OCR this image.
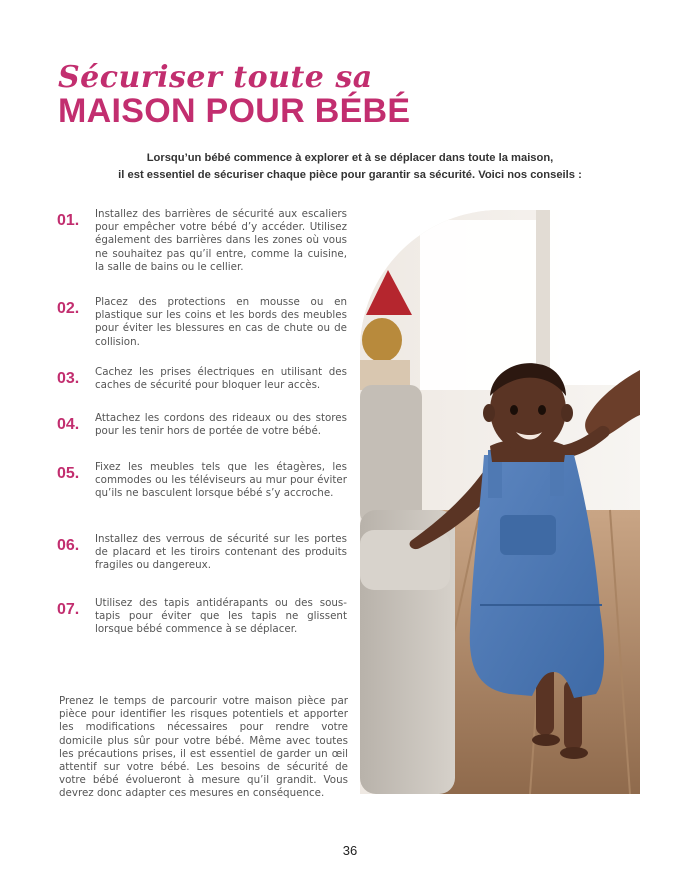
Sécuriser toute sa
MAISON POUR BÉBÉ
Lorsqu’un bébé commence à explorer et à se déplacer dans toute la maison,
il est essentiel de sécuriser chaque pièce pour garantir sa sécurité. Voici nos conseils :
01.	Installez des barrières de sécurité aux escaliers pour empêcher votre bébé d’y accéder. Utilisez également des barrières dans les zones où vous ne souhaitez pas qu’il entre, comme la cuisine, la salle de bains ou le cellier.
02.	Placez des protections en mousse ou en plastique sur les coins et les bords des meubles pour éviter les blessures en cas de chute ou de collision.
03.	Cachez les prises électriques en utilisant des caches de sécurité pour bloquer leur accès.
04.	Attachez les cordons des rideaux ou des stores pour les tenir hors de portée de votre bébé.
05.	Fixez les meubles tels que les étagères, les commodes ou les téléviseurs au mur pour éviter qu’ils ne basculent lorsque bébé s’y accroche.
06.	Installez des verrous de sécurité sur les portes de placard et les tiroirs contenant des produits fragiles ou dangereux.
07.	Utilisez des tapis antidérapants ou des sous-tapis pour éviter que les tapis ne glissent lorsque bébé commence à se déplacer.

Prenez le temps de parcourir votre maison pièce par pièce pour identifier les risques potentiels et apporter les modifications nécessaires pour rendre votre domicile plus sûr pour votre bébé. Même avec toutes les précautions prises, il est essentiel de garder un œil attentif sur votre bébé. Les besoins de sécurité de votre bébé évolueront à mesure qu’il grandit. Vous devrez donc adapter ces mesures en conséquence.

36
